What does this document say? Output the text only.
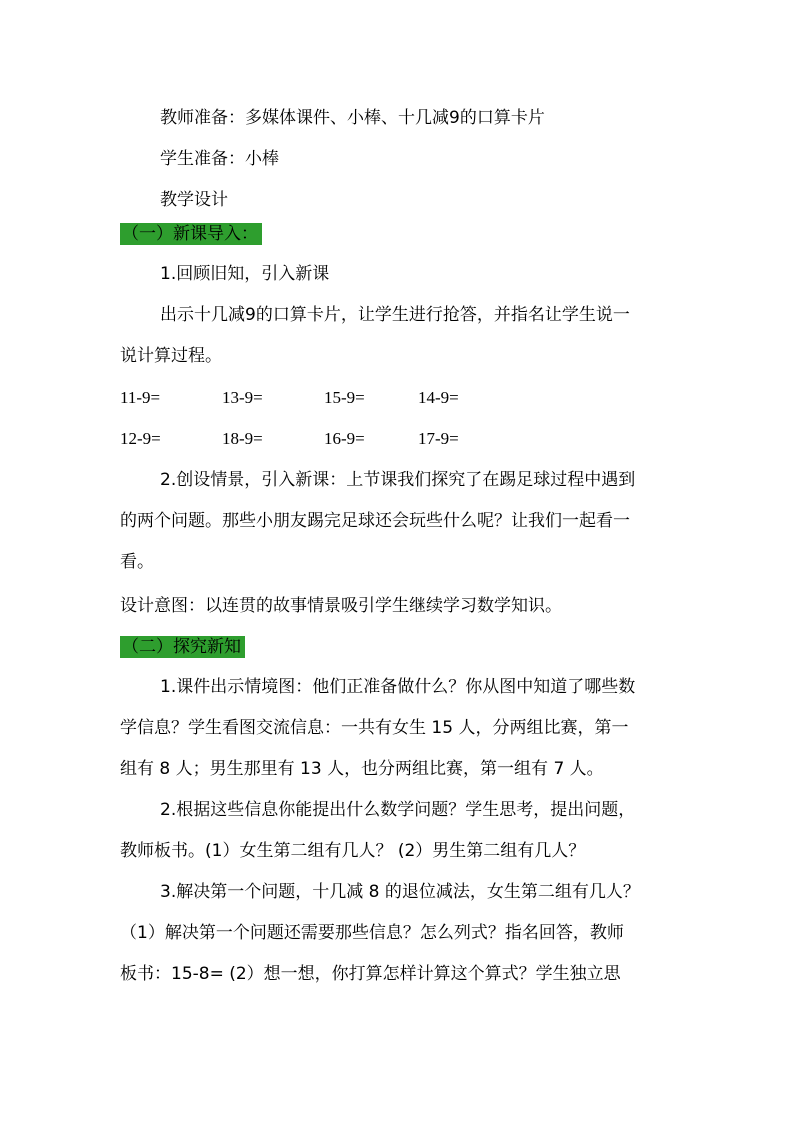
教师准备：多媒体课件、小棒、十几减9的口算卡片
学生准备：小棒
教学设计
（一）新课导入：
1.回顾旧知，引入新课
出示十几减9的口算卡片，让学生进行抢答，并指名让学生说一
说计算过程。
11-9=	13-9=	15-9=	14-9=
12-9=	18-9=	16-9=	17-9=
2.创设情景，引入新课：上节课我们探究了在踢足球过程中遇到
的两个问题。那些小朋友踢完足球还会玩些什么呢？让我们一起看一
看。
设计意图：以连贯的故事情景吸引学生继续学习数学知识。
（二）探究新知
1.课件出示情境图：他们正准备做什么？你从图中知道了哪些数
学信息？学生看图交流信息：一共有女生 15 人，分两组比赛，第一
组有 8 人；男生那里有 13 人，也分两组比赛，第一组有 7 人。
2.根据这些信息你能提出什么数学问题？学生思考，提出问题，
教师板书。(1）女生第二组有几人？ (2）男生第二组有几人？
3.解决第一个问题，十几减 8 的退位减法，女生第二组有几人？
（1）解决第一个问题还需要那些信息？怎么列式？指名回答，教师
板书：15-8= (2）想一想，你打算怎样计算这个算式？学生独立思
